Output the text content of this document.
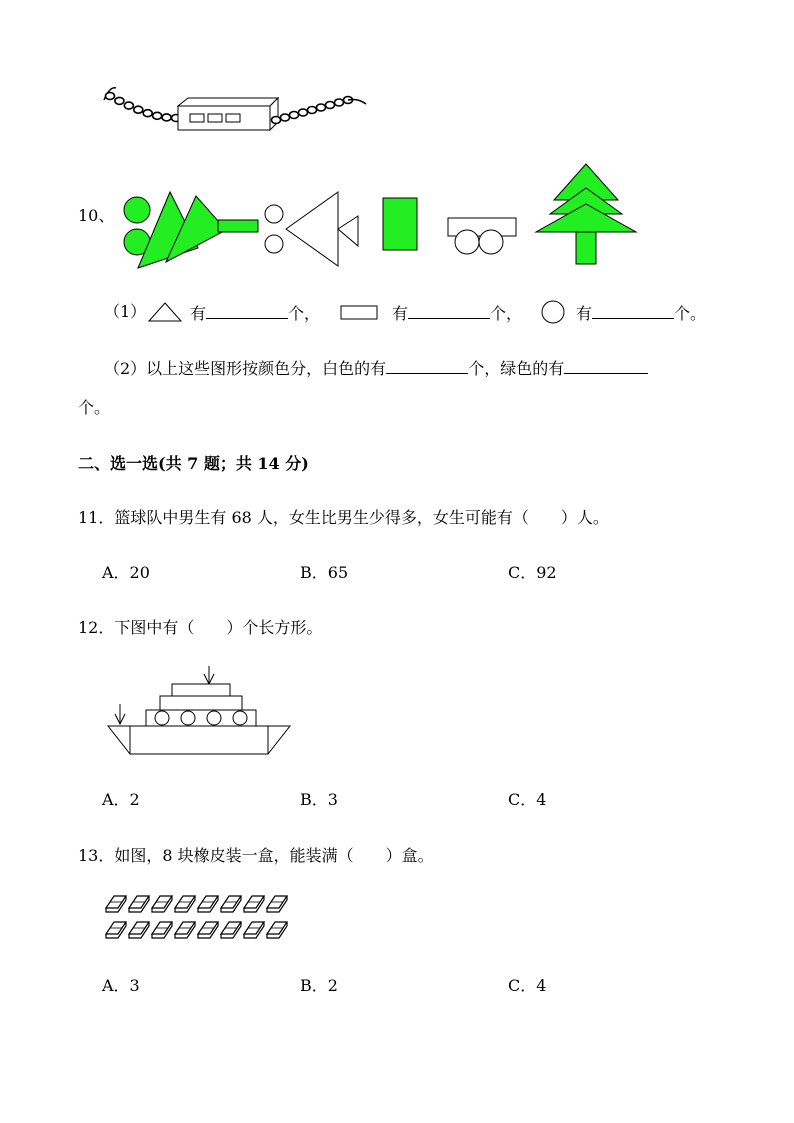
10、
（1）	有	个，	有	个，	有	个。
（2）以上这些图形按颜色分，白色的有	个，绿色的有
个。
二、选一选(共 7 题；共 14 分)
11．篮球队中男生有 68 人，女生比男生少得多，女生可能有（　　）人。
A．20	B．65	C．92
12．下图中有（　　）个长方形。
A．2	B．3	C．4
13．如图，8 块橡皮装一盒，能装满（　　）盒。
A．3	B．2	C．4
